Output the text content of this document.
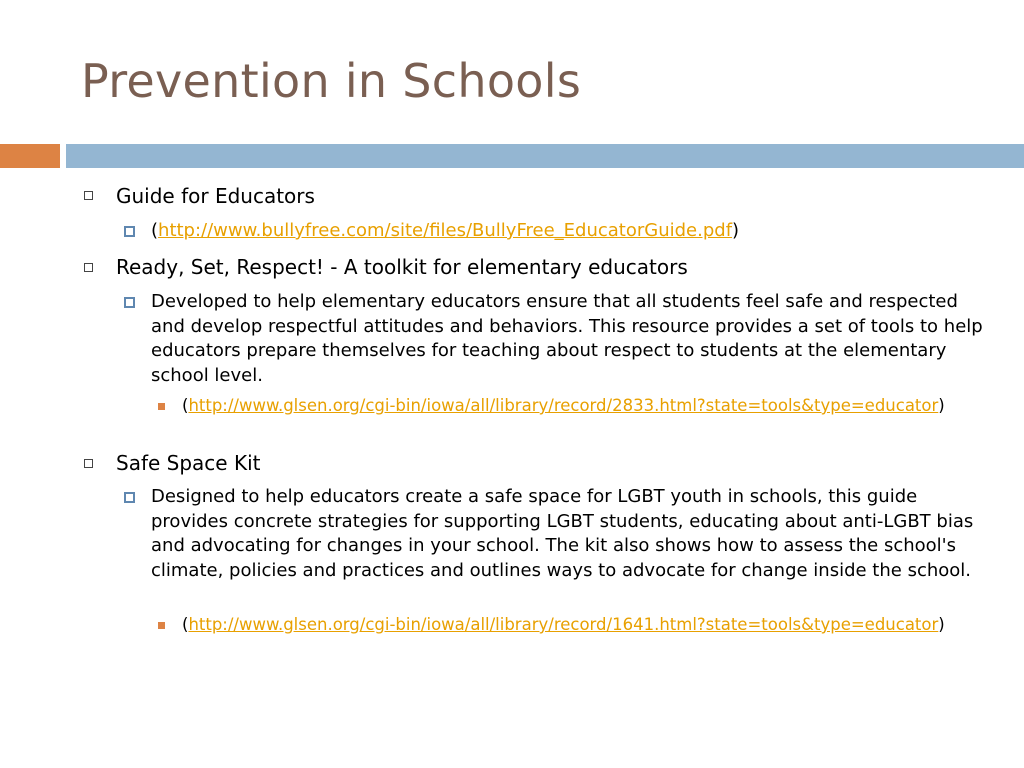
Prevention in Schools

Guide for Educators

(http://www.bullyfree.com/site/files/BullyFree_EducatorGuide.pdf)

Ready, Set, Respect! - A toolkit for elementary educators

Developed to help elementary educators ensure that all students feel safe and respected and develop respectful attitudes and behaviors. This resource provides a set of tools to help educators prepare themselves for teaching about respect to students at the elementary school level.

(http://www.glsen.org/cgi-bin/iowa/all/library/record/2833.html?state=tools&type=educator)

Safe Space Kit

Designed to help educators create a safe space for LGBT youth in schools, this guide provides concrete strategies for supporting LGBT students, educating about anti-LGBT bias and advocating for changes in your school. The kit also shows how to assess the school's climate, policies and practices and outlines ways to advocate for change inside the school.

(http://www.glsen.org/cgi-bin/iowa/all/library/record/1641.html?state=tools&type=educator)
